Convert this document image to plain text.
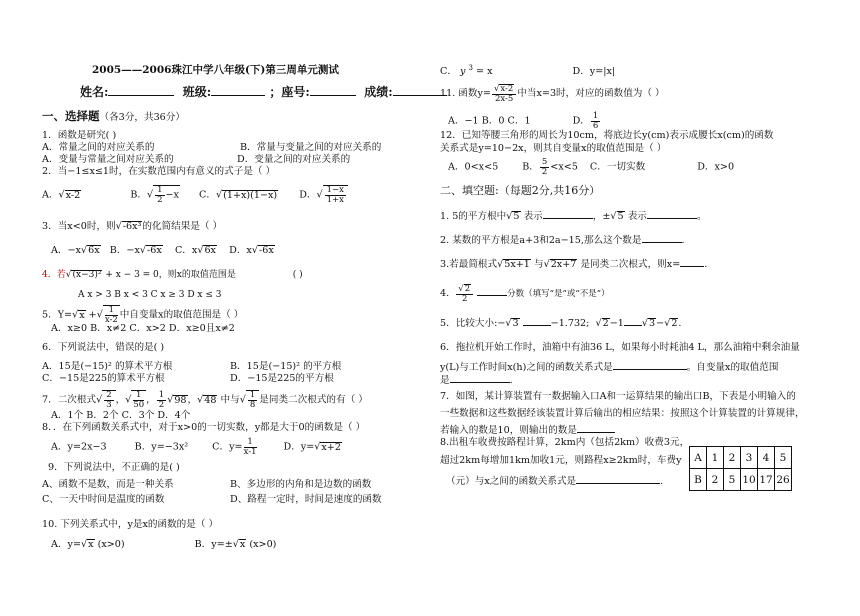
2005——2006珠江中学八年级(下)第三周单元测试
姓名:	班级:	；座号:	成绩:
一、选择题（各3分，共36分）
1．函数是研究( )
A．常量之间的对应关系的	B．常量与变量之间的对应关系的
A．变量与常量之间对应关系的	D．变量之间的对应关系的
2．当−1≤x≤1时，在实数范围内有意义的式子是（ ）
A．√x-2	B．√ $\frac{1}{2} -x$ C．√(1+x)(1−x) D．√ $\frac{1-x}{1+x}$
3．当x<0时，则√-6x³的化简结果是（ ）
A．−x√6x   B．−x√-6x    C．x√6x    D．x√-6x
4．若√(x−3)² + x − 3 = 0，则x的取值范围是	( )
A x > 3 B x < 3 C x ≥ 3 D x ≤ 3
5．Y=√x +√ $\frac{1}{x-2}$ 中自变量x的取值范围是（ ）
A．x≥0 B．x≠2 C．x>2 D．x≥0且x≠2
6．下列说法中，错误的是( )
A．15是(−15)² 的算术平方根	B．15是(−15)² 的平方根
C．−15是225的算术平方根	D．−15是225的平方根
7．二次根式√ $\frac{2}{3}$ ，√ $\frac{1}{50}$ ， $\frac{1}{2} √98$，√48 中与√ $\frac{1}{8}$ 是同类二次根式的有（ ）
A．1个 B．2个 C．3个 D．4个
8．．在下列函数关系式中，对于x>0的一切实数，y都是大于0的函数是（ ）
A．y=2x−3	B．y=−3x²	C．$y= \frac{1}{x-1}$	D．y=√x+2
9．下列说法中，不正确的是( )
A、函数不是数，而是一种关系	B、多边形的内角和是边数的函数
C、一天中时间是温度的函数	D、路程一定时，时间是速度的函数
10. 下列关系式中，y是x的函数的是（ ）
A．y=√x (x>0)	B．y=±√x (x>0)
C． y $^3$ = x	D．y=|x|
11. 函数$y= \frac{√x-2}{2x-5}$ 中当x=3时，对应的函数值为（ ）
A．−1 B．0 C．1	D． $\frac{1}{6}$
12．已知等腰三角形的周长为10cm，将底边长y(cm)表示成腰长x(cm)的函数
关系式是y=10−2x，则其自变量x的取值范围是（ ）
A．0<x<5	B． $\frac{5}{2} <x<5$ C．一切实数	D．x>0
二、填空题:（每题2分,共16分）
1. 5的平方根中√5 表示	，±√5 表示	。
2. 某数的平方根是a+3和2a−15,那么这个数是	.
3.若最简根式√5x+1 与√2x+7 是同类二次根式，则x=	.
4. $\frac{√2}{2}$	分数（填写“是”或“不是”）
5．比较大小:−√3	−1.732; √2−1 √3−√2.
6．拖拉机开始工作时，油箱中有油36 L，如果每小时耗油4 L，那么油箱中剩余油量
y(L)与工作时间x(h)之间的函数关系式是	。自变量x的取值范围
是	.
7．如图，某计算装置有一数据输入口A和一运算结果的输出口B，下表是小明输入的
一些数据和这些数据经该装置计算后输出的相应结果：按照这个计算装置的计算规律，
若输入的数是10，则输出的数是
8.出租车收费按路程计算，2km内（包括2km）收费3元，
超过2km每增加1km加收1元，则路程x≥2km时，车费y
（元）与x之间的函数关系式是	.
A	1	2	3	4	5
B	2	5	10	17	26
